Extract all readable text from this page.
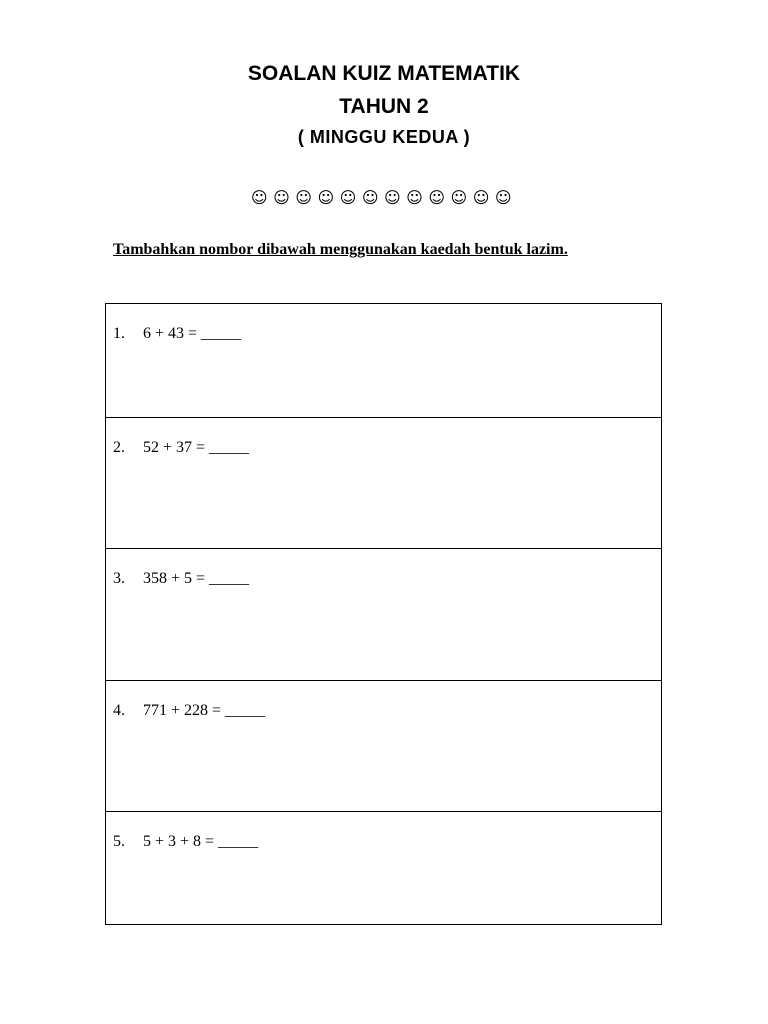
SOALAN KUIZ MATEMATIK
TAHUN 2
( MINGGU KEDUA )
☺☺☺☺☺☺☺☺☺☺☺☺
Tambahkan nombor dibawah menggunakan kaedah bentuk lazim.
1. 6 + 43 = _____
2. 52 + 37 = _____
3. 358 + 5 = _____
4. 771 + 228 = _____
5. 5 + 3 + 8 = _____
